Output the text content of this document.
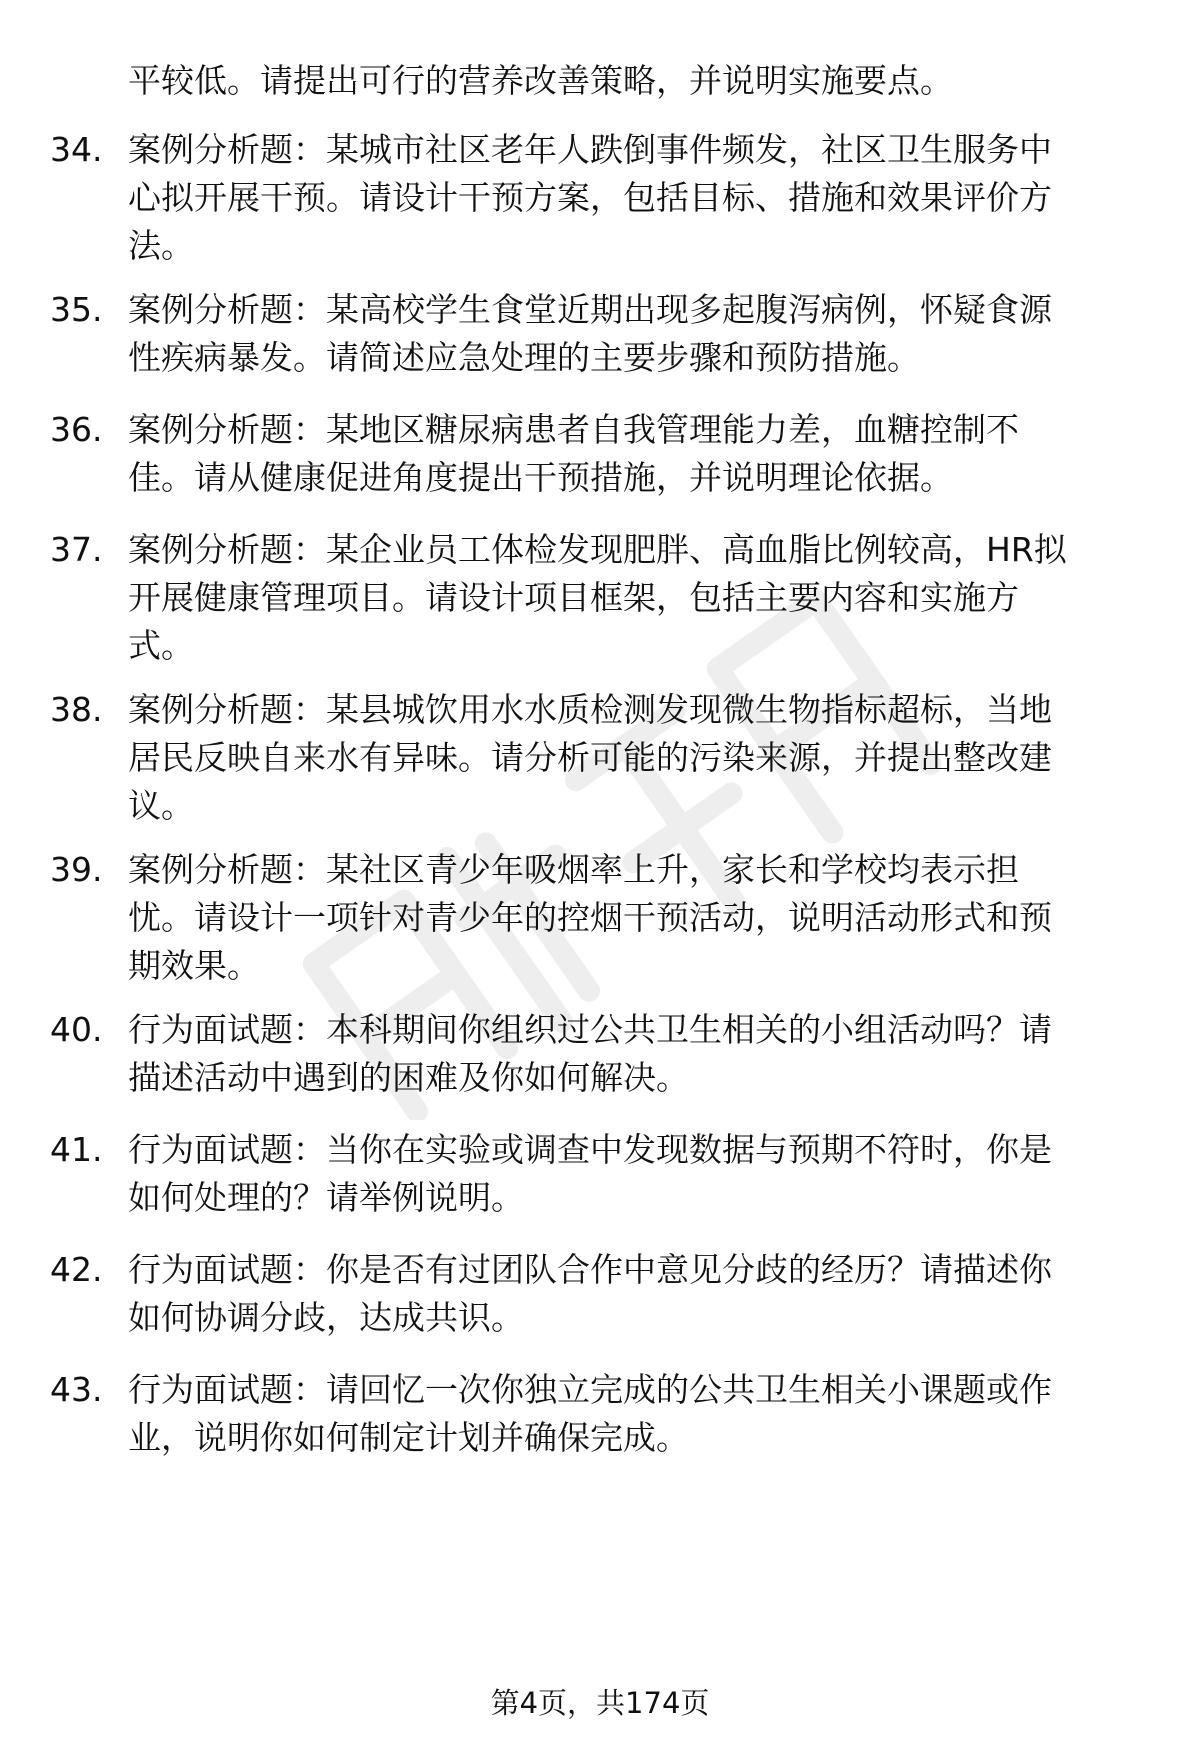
平较低。请提出可行的营养改善策略，并说明实施要点。
34. 案例分析题：某城市社区老年人跌倒事件频发，社区卫生服务中
心拟开展干预。请设计干预方案，包括目标、措施和效果评价方
法。
35. 案例分析题：某高校学生食堂近期出现多起腹泻病例，怀疑食源
性疾病暴发。请简述应急处理的主要步骤和预防措施。
36. 案例分析题：某地区糖尿病患者自我管理能力差，血糖控制不
佳。请从健康促进角度提出干预措施，并说明理论依据。
37. 案例分析题：某企业员工体检发现肥胖、高血脂比例较高，HR拟
开展健康管理项目。请设计项目框架，包括主要内容和实施方
式。
38. 案例分析题：某县城饮用水水质检测发现微生物指标超标，当地
居民反映自来水有异味。请分析可能的污染来源，并提出整改建
议。
39. 案例分析题：某社区青少年吸烟率上升，家长和学校均表示担
忧。请设计一项针对青少年的控烟干预活动，说明活动形式和预
期效果。
40. 行为面试题：本科期间你组织过公共卫生相关的小组活动吗？请
描述活动中遇到的困难及你如何解决。
41. 行为面试题：当你在实验或调查中发现数据与预期不符时，你是
如何处理的？请举例说明。
42. 行为面试题：你是否有过团队合作中意见分歧的经历？请描述你
如何协调分歧，达成共识。
43. 行为面试题：请回忆一次你独立完成的公共卫生相关小课题或作
业，说明你如何制定计划并确保完成。
第4页，共174页
